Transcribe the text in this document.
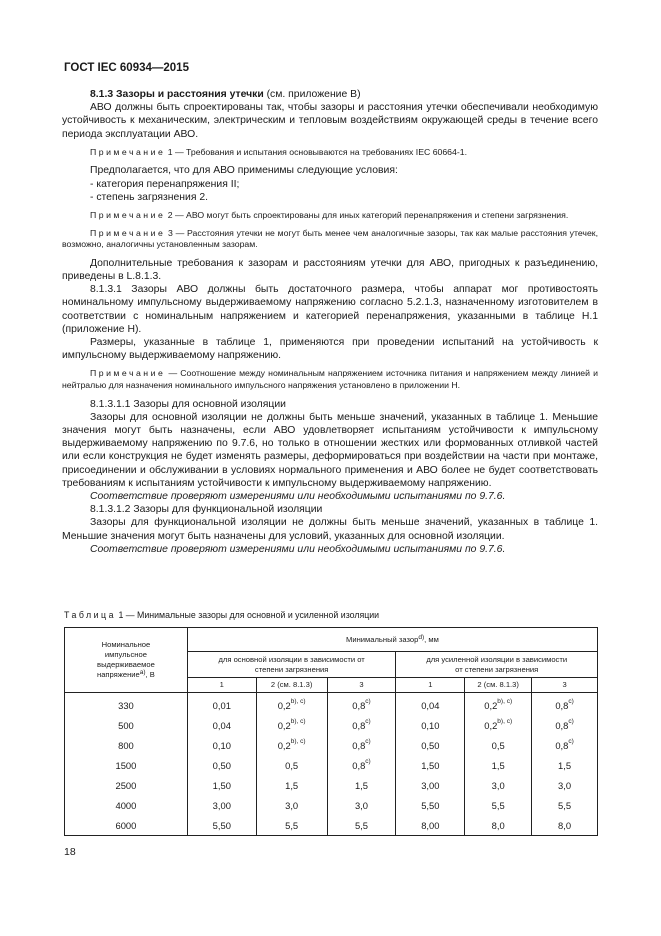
ГОСТ IEC 60934—2015

8.1.3 Зазоры и расстояния утечки (см. приложение В)

АВО должны быть спроектированы так, чтобы зазоры и расстояния утечки обеспечивали необходимую устойчивость к механическим, электрическим и тепловым воздействиям окружающей среды в течение всего периода эксплуатации АВО.

Примечание 1 — Требования и испытания основываются на требованиях IEC 60664-1.

Предполагается, что для АВО применимы следующие условия:

- категория перенапряжения II;

- степень загрязнения 2.

Примечание 2 — АВО могут быть спроектированы для иных категорий перенапряжения и степени загрязнения.

Примечание 3 — Расстояния утечки не могут быть менее чем аналогичные зазоры, так как малые расстояния утечек, возможно, аналогичны установленным зазорам.

Дополнительные требования к зазорам и расстояниям утечки для АВО, пригодных к разъединению, приведены в L.8.1.3.

8.1.3.1 Зазоры АВО должны быть достаточного размера, чтобы аппарат мог противостоять номинальному импульсному выдерживаемому напряжению согласно 5.2.1.3, назначенному изготовителем в соответствии с номинальным напряжением и категорией перенапряжения, указанными в таблице Н.1 (приложение Н).

Размеры, указанные в таблице 1, применяются при проведении испытаний на устойчивость к импульсному выдерживаемому напряжению.

Примечание — Соотношение между номинальным напряжением источника питания и напряжением между линией и нейтралью для назначения номинального импульсного напряжения установлено в приложении Н.

8.1.3.1.1 Зазоры для основной изоляции

Зазоры для основной изоляции не должны быть меньше значений, указанных в таблице 1. Меньшие значения могут быть назначены, если АВО удовлетворяет испытаниям устойчивости к импульсному выдерживаемому напряжению по 9.7.6, но только в отношении жестких или формованных отливкой частей или если конструкция не будет изменять размеры, деформироваться при воздействии на части при монтаже, присоединении и обслуживании в условиях нормального применения и АВО более не будет соответствовать требованиям к испытаниям устойчивости к импульсному выдерживаемому напряжению.

Соответствие проверяют измерениями или необходимыми испытаниями по 9.7.6.

8.1.3.1.2 Зазоры для функциональной изоляции

Зазоры для функциональной изоляции не должны быть меньше значений, указанных в таблице 1. Меньшие значения могут быть назначены для условий, указанных для основной изоляции.

Соответствие проверяют измерениями или необходимыми испытаниями по 9.7.6.

Таблица 1 — Минимальные зазоры для основной и усиленной изоляции
Номинальное импульсное выдерживаемое напряжение$^{a)}$, В	Минимальный зазор$^{d)}$, мм					
	для основной изоляции в зависимости от степени загрязнения			для усиленной изоляции в зависимости от степени загрязнения		
	1	2 (см. 8.1.3)	3	1	2 (см. 8.1.3)	3
330	0,01	$0,2^{b), c)}$	0,8$^{c)}$	0,04	$0,2^{b), c)}$	0,8$^{c)}$
500	0,04	$0,2^{b), c)}$	0,8$^{c)}$	0,10	$0,2^{b), c)}$	0,8$^{c)}$
800	0,10	$0,2^{b), c)}$	0,8$^{c)}$	0,50	0,5	0,8$^{c)}$
1500	0,50	0,5	0,8$^{c)}$	1,50	1,5	1,5
2500	1,50	1,5	1,5	3,00	3,0	3,0
4000	3,00	3,0	3,0	5,50	5,5	5,5
6000	5,50	5,5	5,5	8,00	8,0	8,0
18
